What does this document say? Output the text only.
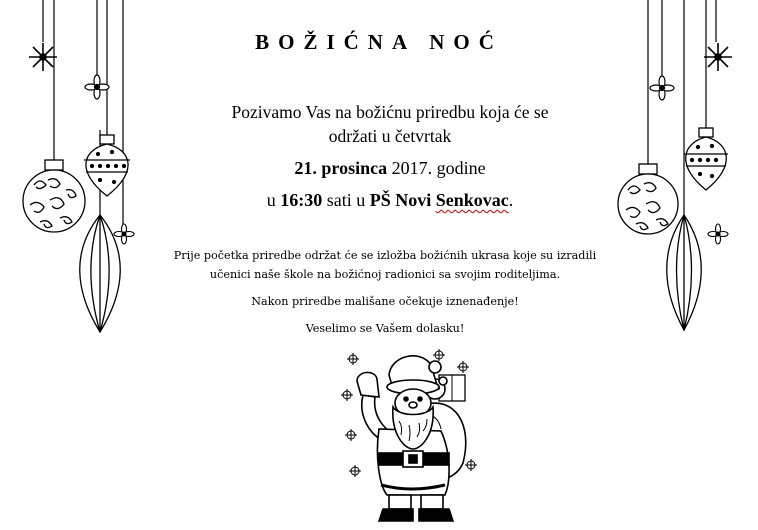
BOŽIĆNA NOĆ
Pozivamo Vas na božićnu priredbu koja će se
održati u četvrtak
21. prosinca 2017. godine
u 16:30 sati u PŠ Novi Senkovac.
Prije početka priredbe održat će se izložba božićnih ukrasa koje su izradili
učenici naše škole na božićnoj radionici sa svojim roditeljima.
Nakon priredbe mališane očekuje iznenađenje!
Veselimo se Vašem dolasku!
